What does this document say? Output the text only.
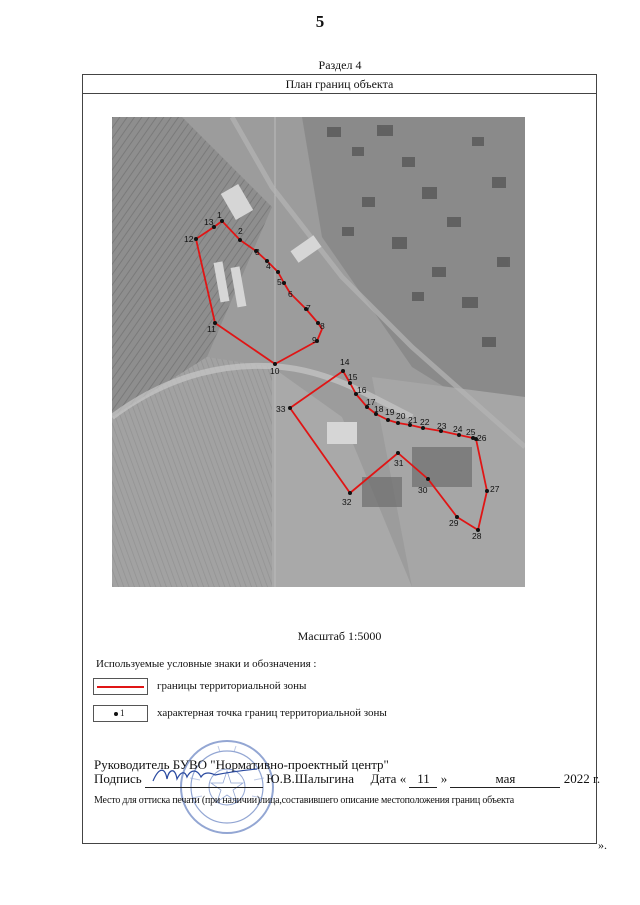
5
Раздел 4
План границ объекта
1
2
3
4
5
6
7
8
9
10
11
12
13
14
15
16
17
18 19 20 21 22 23 24 25
26
27
28
29
30
31
32
33
Масштаб 1:5000
Используемые условные знаки и обозначения :
границы территориальной зоны
1	характерная точка границ территориальной зоны
Руководитель БУВО "Нормативно-проектный центр"
Подпись	Ю.В.Шалыгина Дата « 11 »	мая	2022 г.
Место для оттиска печати (при наличии)лица,составившего описание местоположения границ объекта
».
